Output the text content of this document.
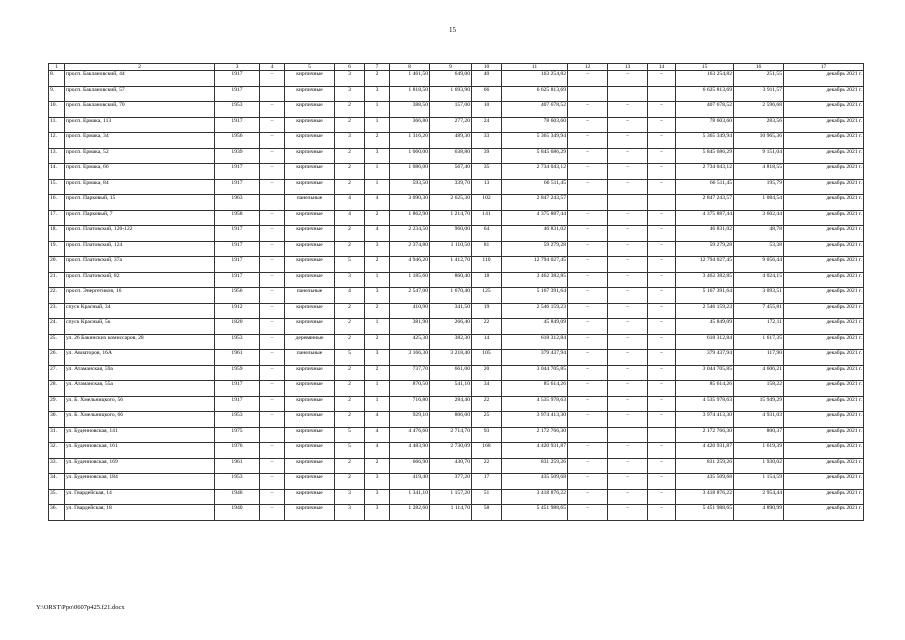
15
1	2	3	4	5	6	7	8	9	10	11	12	13	14	15	16	17
8.	просп. Баклановский, 44	1917	–	кирпичные	3	2	1 461,50	649,00	40	163 254,82	–	–	–	163 254,82	251,55	декабрь 2021 г.
9.	просп. Баклановский, 57	1917		кирпичные	3	3	1 818,50	1 693,90	66	6 625 813,69				6 625 813,69	3 911,57	декабрь 2021 г.
10.	просп. Баклановский, 70	1953	–	кирпичные	2	1	388,50	157,00	10	407 678,52	–	–	–	407 678,52	2 596,68	декабрь 2021 г.
11.	просп. Ермака, 113	1917	–	кирпичные	2	1	366,80	277,20	24	78 603,60	–	–	–	78 603,60	283,56	декабрь 2021 г.
12.	просп. Ермака, 34	1956	–	кирпичные	3	2	1 316,20	489,30	33	5 365 349,94	–	–	–	5 365 349,94	10 965,36	декабрь 2021 г.
13.	просп. Ермака, 52	1939	–	кирпичные	2	3	1 060,00	638,80	39	5 845 686,29	–	–	–	5 845 686,29	9 151,04	декабрь 2021 г.
14.	просп. Ермака, 66	1917	–	кирпичные	2	1	1 086,00	567,40	35	2 734 043,12	–	–	–	2 734 043,12	4 818,55	декабрь 2021 г.
15.	просп. Ермака, 84	1917	–	кирпичные	2	1	593,50	339,70	13	66 511,45	–	–	–	66 511,45	195,79	декабрь 2021 г.
16.	просп. Парковый, 15	1963		панельные	4	4	3 090,30	2 625,30	102	2 847 243,57				2 847 243,57	1 084,54	декабрь 2021 г.
17.	просп. Парковый, 7	1958	–	кирпичные	4	2	1 862,90	1 214,70	141	4 375 887,44	–	–	–	4 375 887,44	3 602,44	декабрь 2021 г.
18.	просп. Платовский, 120-122	1917	–	кирпичные	2	4	2 234,50	960,00	64	46 831,02	–	–	–	46 831,02	48,78	декабрь 2021 г.
19.	просп. Платовский, 124	1917	–	кирпичные	2	3	2 374,80	1 110,50	81	59 279,28	–	–	–	59 279,28	53,38	декабрь 2021 г.
20.	просп. Платовский, 37а	1917	–	кирпичные	5	2	4 946,20	1 412,70	110	12 794 027,45	–	–	–	12 794 027,45	9 056,44	декабрь 2021 г.
21.	просп. Платовский, 82	1917	–	кирпичные	3	1	1 185,60	860,40	18	3 462 382,85	–	–	–	3 462 382,85	4 024,15	декабрь 2021 г.
22.	просп. Энергетиков, 16	1956	–	панельные	4	3	2 547,00	1 670,40	125	5 167 391,64	–	–	–	5 167 391,64	3 093,51	декабрь 2021 г.
23.	спуск Красный, 34	1912	–	кирпичные	2	2	410,90	341,50	19	2 546 159,23	–	–	–	2 546 159,23	7 455,81	декабрь 2021 г.
24.	спуск Красный, 5к	1820	–	кирпичные	2	1	381,90	266,40	22	45 849,09	–	–	–	45 849,09	172,11	декабрь 2021 г.
25.	ул. 26 Бакинских комиссаров, 28	1953	–	деревянные	2	2	425,30	382,30	14	618 312,84	–	–	–	618 312,84	1 617,35	декабрь 2021 г.
26.	ул. Авиаторов, 16А	1961	–	панельные	5	3	3 166,30	3 218,40	105	379 437,94	–	–	–	379 437,94	117,90	декабрь 2021 г.
27.	ул. Атаманская, 59а	1959	–	кирпичные	2	2	737,70	661,00	20	3 044 705,85	–	–	–	3 044 705,85	4 606,21	декабрь 2021 г.
28.	ул. Атаманская, 55а	1917	–	кирпичные	2	1	870,50	541,10	34	85 614,26	–	–	–	85 614,26	158,22	декабрь 2021 г.
29.	ул. Б. Хмельницкого, 56	1917	–	кирпичные	2	1	716,80	284,40	22	4 535 978,63	–	–	–	4 535 978,63	15 949,29	декабрь 2021 г.
30.	ул. Б. Хмельницкого, 66	1953	–	кирпичные	2	4	929,10	806,00	25	3 974 413,30	–	–	–	3 974 413,30	4 931,03	декабрь 2021 г.
31.	ул. Буденновская, 141	1975		кирпичные	5	4	4 476,60	2 714,70	93	2 172 766,30				2 172 766,30	800,37	декабрь 2021 г.
32.	ул. Буденновская, 161	1976	–	кирпичные	5	4	4 483,90	2 730,09	168	4 420 931,87	–	–	–	4 420 931,87	1 619,39	декабрь 2021 г.
33.	ул. Буденновская, 169	1961	–	кирпичные	2	2	666,90	430,70	22	831 259,26	–	–	–	831 259,26	1 930,02	декабрь 2021 г.
34.	ул. Буденновская, 184	1953	–	кирпичные	2	3	419,40	377,20	17	435 509,68	–	–	–	435 509,68	1 154,59	декабрь 2021 г.
35.	ул. Гвардейская, 14	1946	–	кирпичные	3	3	1 341,10	1 157,20	51	3 418 876,22	–	–	–	3 418 876,22	2 954,44	декабрь 2021 г.
36.	ул. Гвардейская, 18	1940	–	кирпичные	3	3	1 282,60	1 114,70	58	5 451 988,65	–	–	–	5 451 988,65	4 890,99	декабрь 2021 г.
Y:\ORST\Ppo\0607p425.f21.docx
